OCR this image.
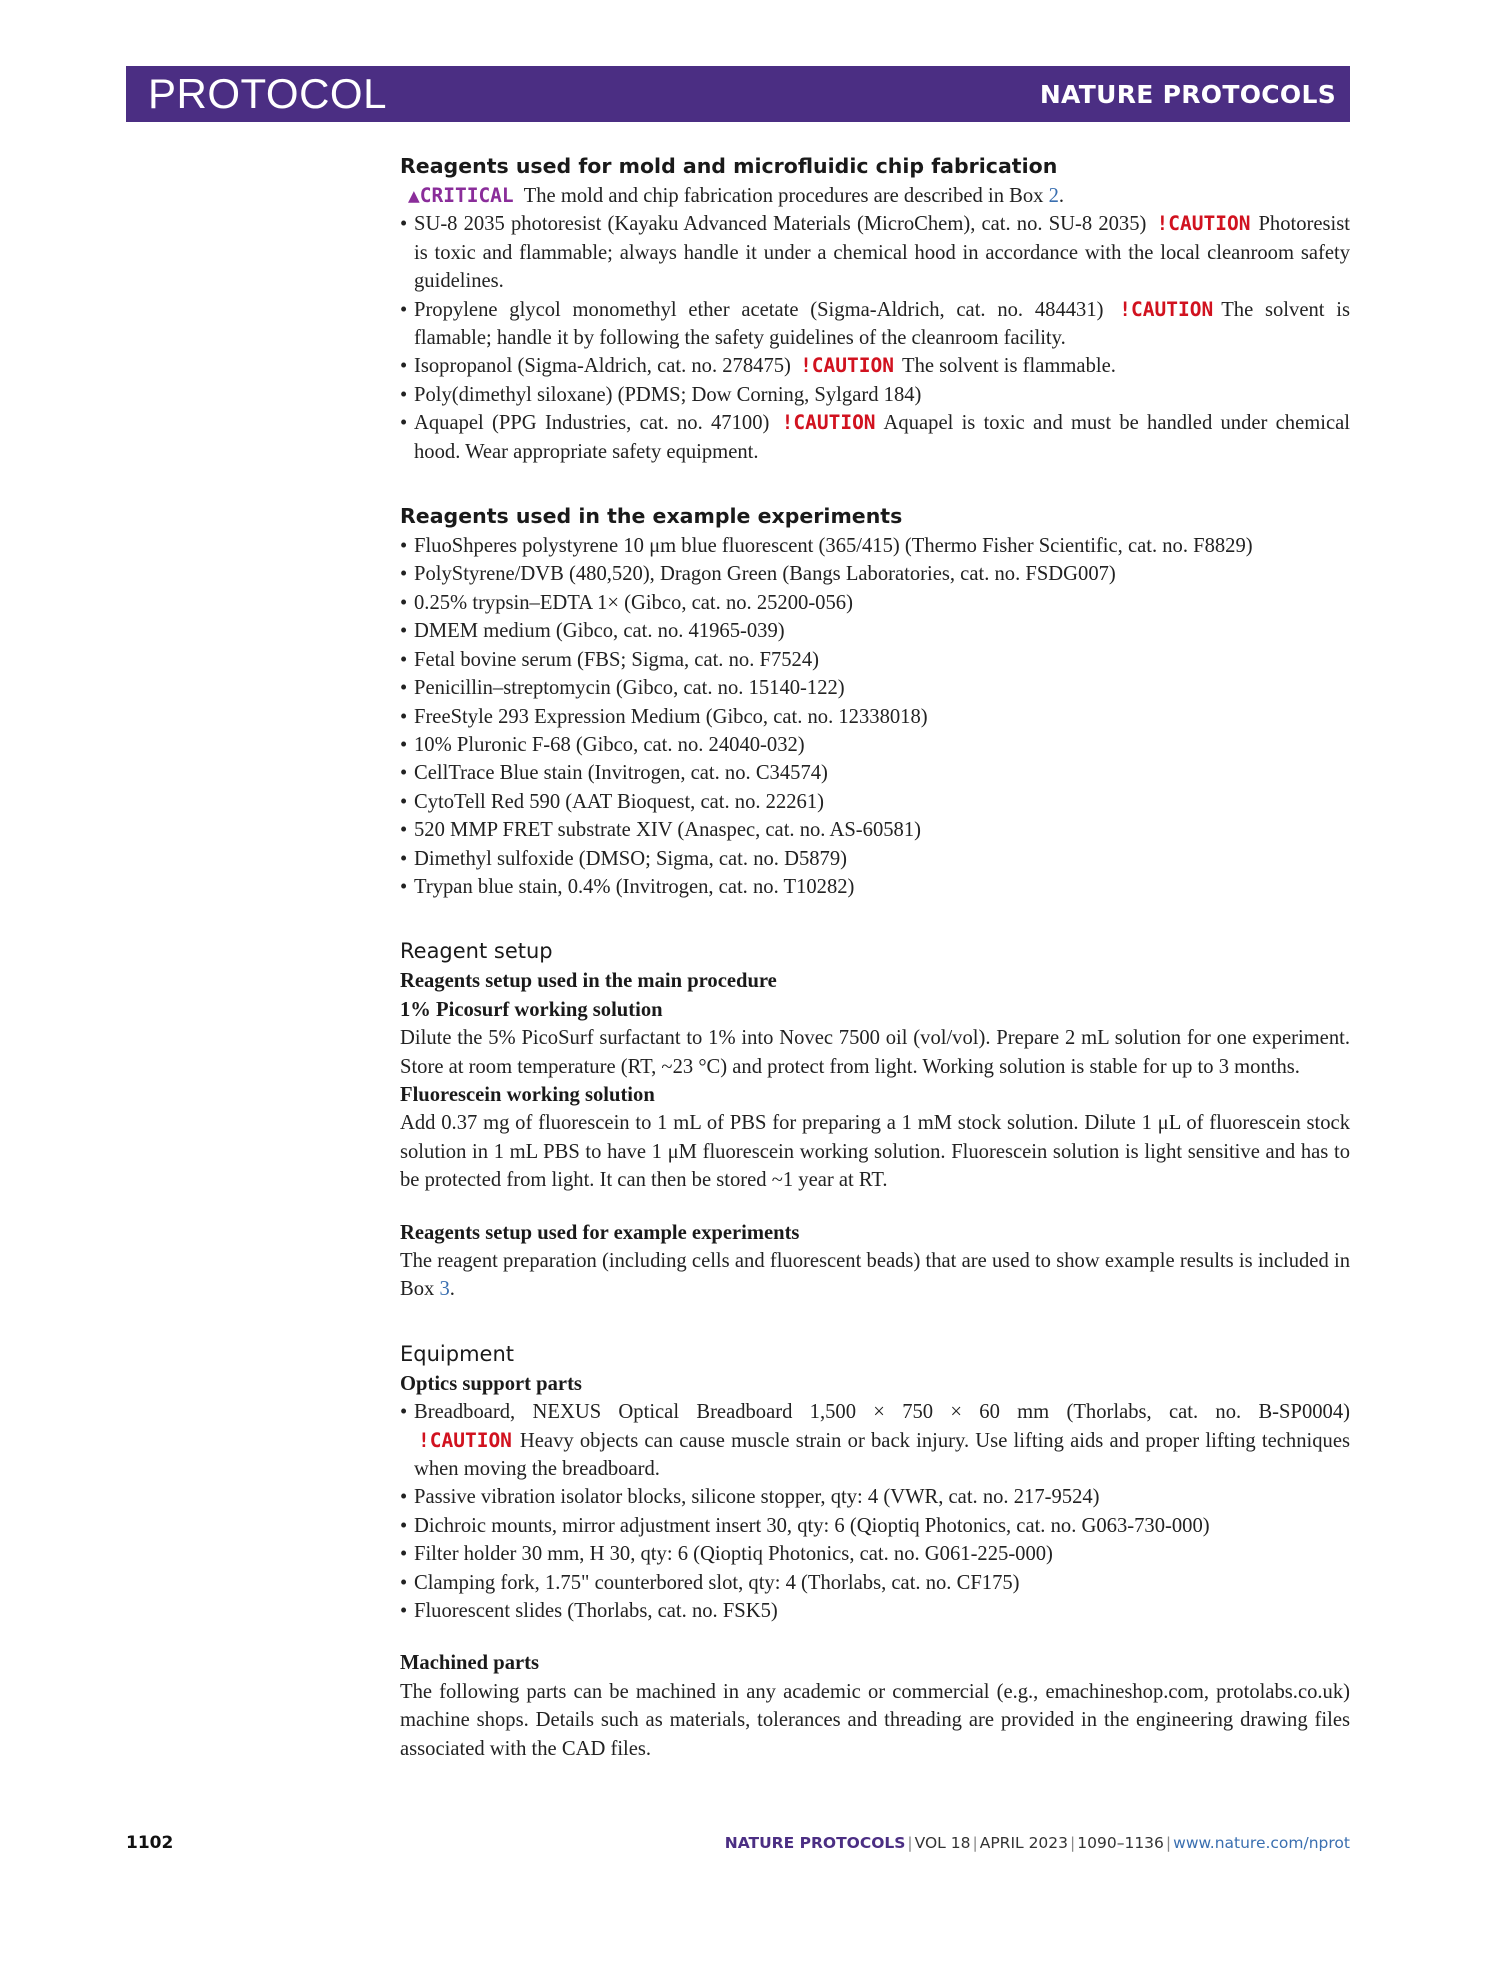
PROTOCOL	NATURE PROTOCOLS
Reagents used for mold and microfluidic chip fabrication

▲CRITICAL The mold and chip fabrication procedures are described in Box 2.

• SU-8 2035 photoresist (Kayaku Advanced Materials (MicroChem), cat. no. SU-8 2035) !CAUTION Photoresist is toxic and flammable; always handle it under a chemical hood in accordance with the local cleanroom safety guidelines.
• Propylene glycol monomethyl ether acetate (Sigma-Aldrich, cat. no. 484431) !CAUTION The solvent is flamable; handle it by following the safety guidelines of the cleanroom facility.
• Isopropanol (Sigma-Aldrich, cat. no. 278475) !CAUTION The solvent is flammable.
• Poly(dimethyl siloxane) (PDMS; Dow Corning, Sylgard 184)
• Aquapel (PPG Industries, cat. no. 47100) !CAUTION Aquapel is toxic and must be handled under chemical hood. Wear appropriate safety equipment.
Reagents used in the example experiments
• FluoShperes polystyrene 10 μm blue fluorescent (365/415) (Thermo Fisher Scientific, cat. no. F8829)
• PolyStyrene/DVB (480,520), Dragon Green (Bangs Laboratories, cat. no. FSDG007)
• 0.25% trypsin–EDTA 1× (Gibco, cat. no. 25200-056)
• DMEM medium (Gibco, cat. no. 41965-039)
• Fetal bovine serum (FBS; Sigma, cat. no. F7524)
• Penicillin–streptomycin (Gibco, cat. no. 15140-122)
• FreeStyle 293 Expression Medium (Gibco, cat. no. 12338018)
• 10% Pluronic F-68 (Gibco, cat. no. 24040-032)
• CellTrace Blue stain (Invitrogen, cat. no. C34574)
• CytoTell Red 590 (AAT Bioquest, cat. no. 22261)
• 520 MMP FRET substrate XIV (Anaspec, cat. no. AS-60581)
• Dimethyl sulfoxide (DMSO; Sigma, cat. no. D5879)
• Trypan blue stain, 0.4% (Invitrogen, cat. no. T10282)
Reagent setup
Reagents setup used in the main procedure
1% Picosurf working solution

Dilute the 5% PicoSurf surfactant to 1% into Novec 7500 oil (vol/vol). Prepare 2 mL solution for one experiment. Store at room temperature (RT, ~23 °C) and protect from light. Working solution is stable for up to 3 months.

Fluorescein working solution

Add 0.37 mg of fluorescein to 1 mL of PBS for preparing a 1 mM stock solution. Dilute 1 μL of fluorescein stock solution in 1 mL PBS to have 1 μM fluorescein working solution. Fluorescein solution is light sensitive and has to be protected from light. It can then be stored ~1 year at RT.

Reagents setup used for example experiments

The reagent preparation (including cells and fluorescent beads) that are used to show example results is included in Box 3.

Equipment
Optics support parts
• Breadboard, NEXUS Optical Breadboard 1,500 × 750 × 60 mm (Thorlabs, cat. no. B-SP0004) !CAUTION Heavy objects can cause muscle strain or back injury. Use lifting aids and proper lifting techniques when moving the breadboard.
• Passive vibration isolator blocks, silicone stopper, qty: 4 (VWR, cat. no. 217-9524)
• Dichroic mounts, mirror adjustment insert 30, qty: 6 (Qioptiq Photonics, cat. no. G063-730-000)
• Filter holder 30 mm, H 30, qty: 6 (Qioptiq Photonics, cat. no. G061-225-000)
• Clamping fork, 1.75" counterbored slot, qty: 4 (Thorlabs, cat. no. CF175)
• Fluorescent slides (Thorlabs, cat. no. FSK5)
Machined parts

The following parts can be machined in any academic or commercial (e.g., emachineshop.com, protolabs.co.uk) machine shops. Details such as materials, tolerances and threading are provided in the engineering drawing files associated with the CAD files.

1102	NATURE PROTOCOLS | VOL 18 | APRIL 2023 | 1090–1136 | www.nature.com/nprot
